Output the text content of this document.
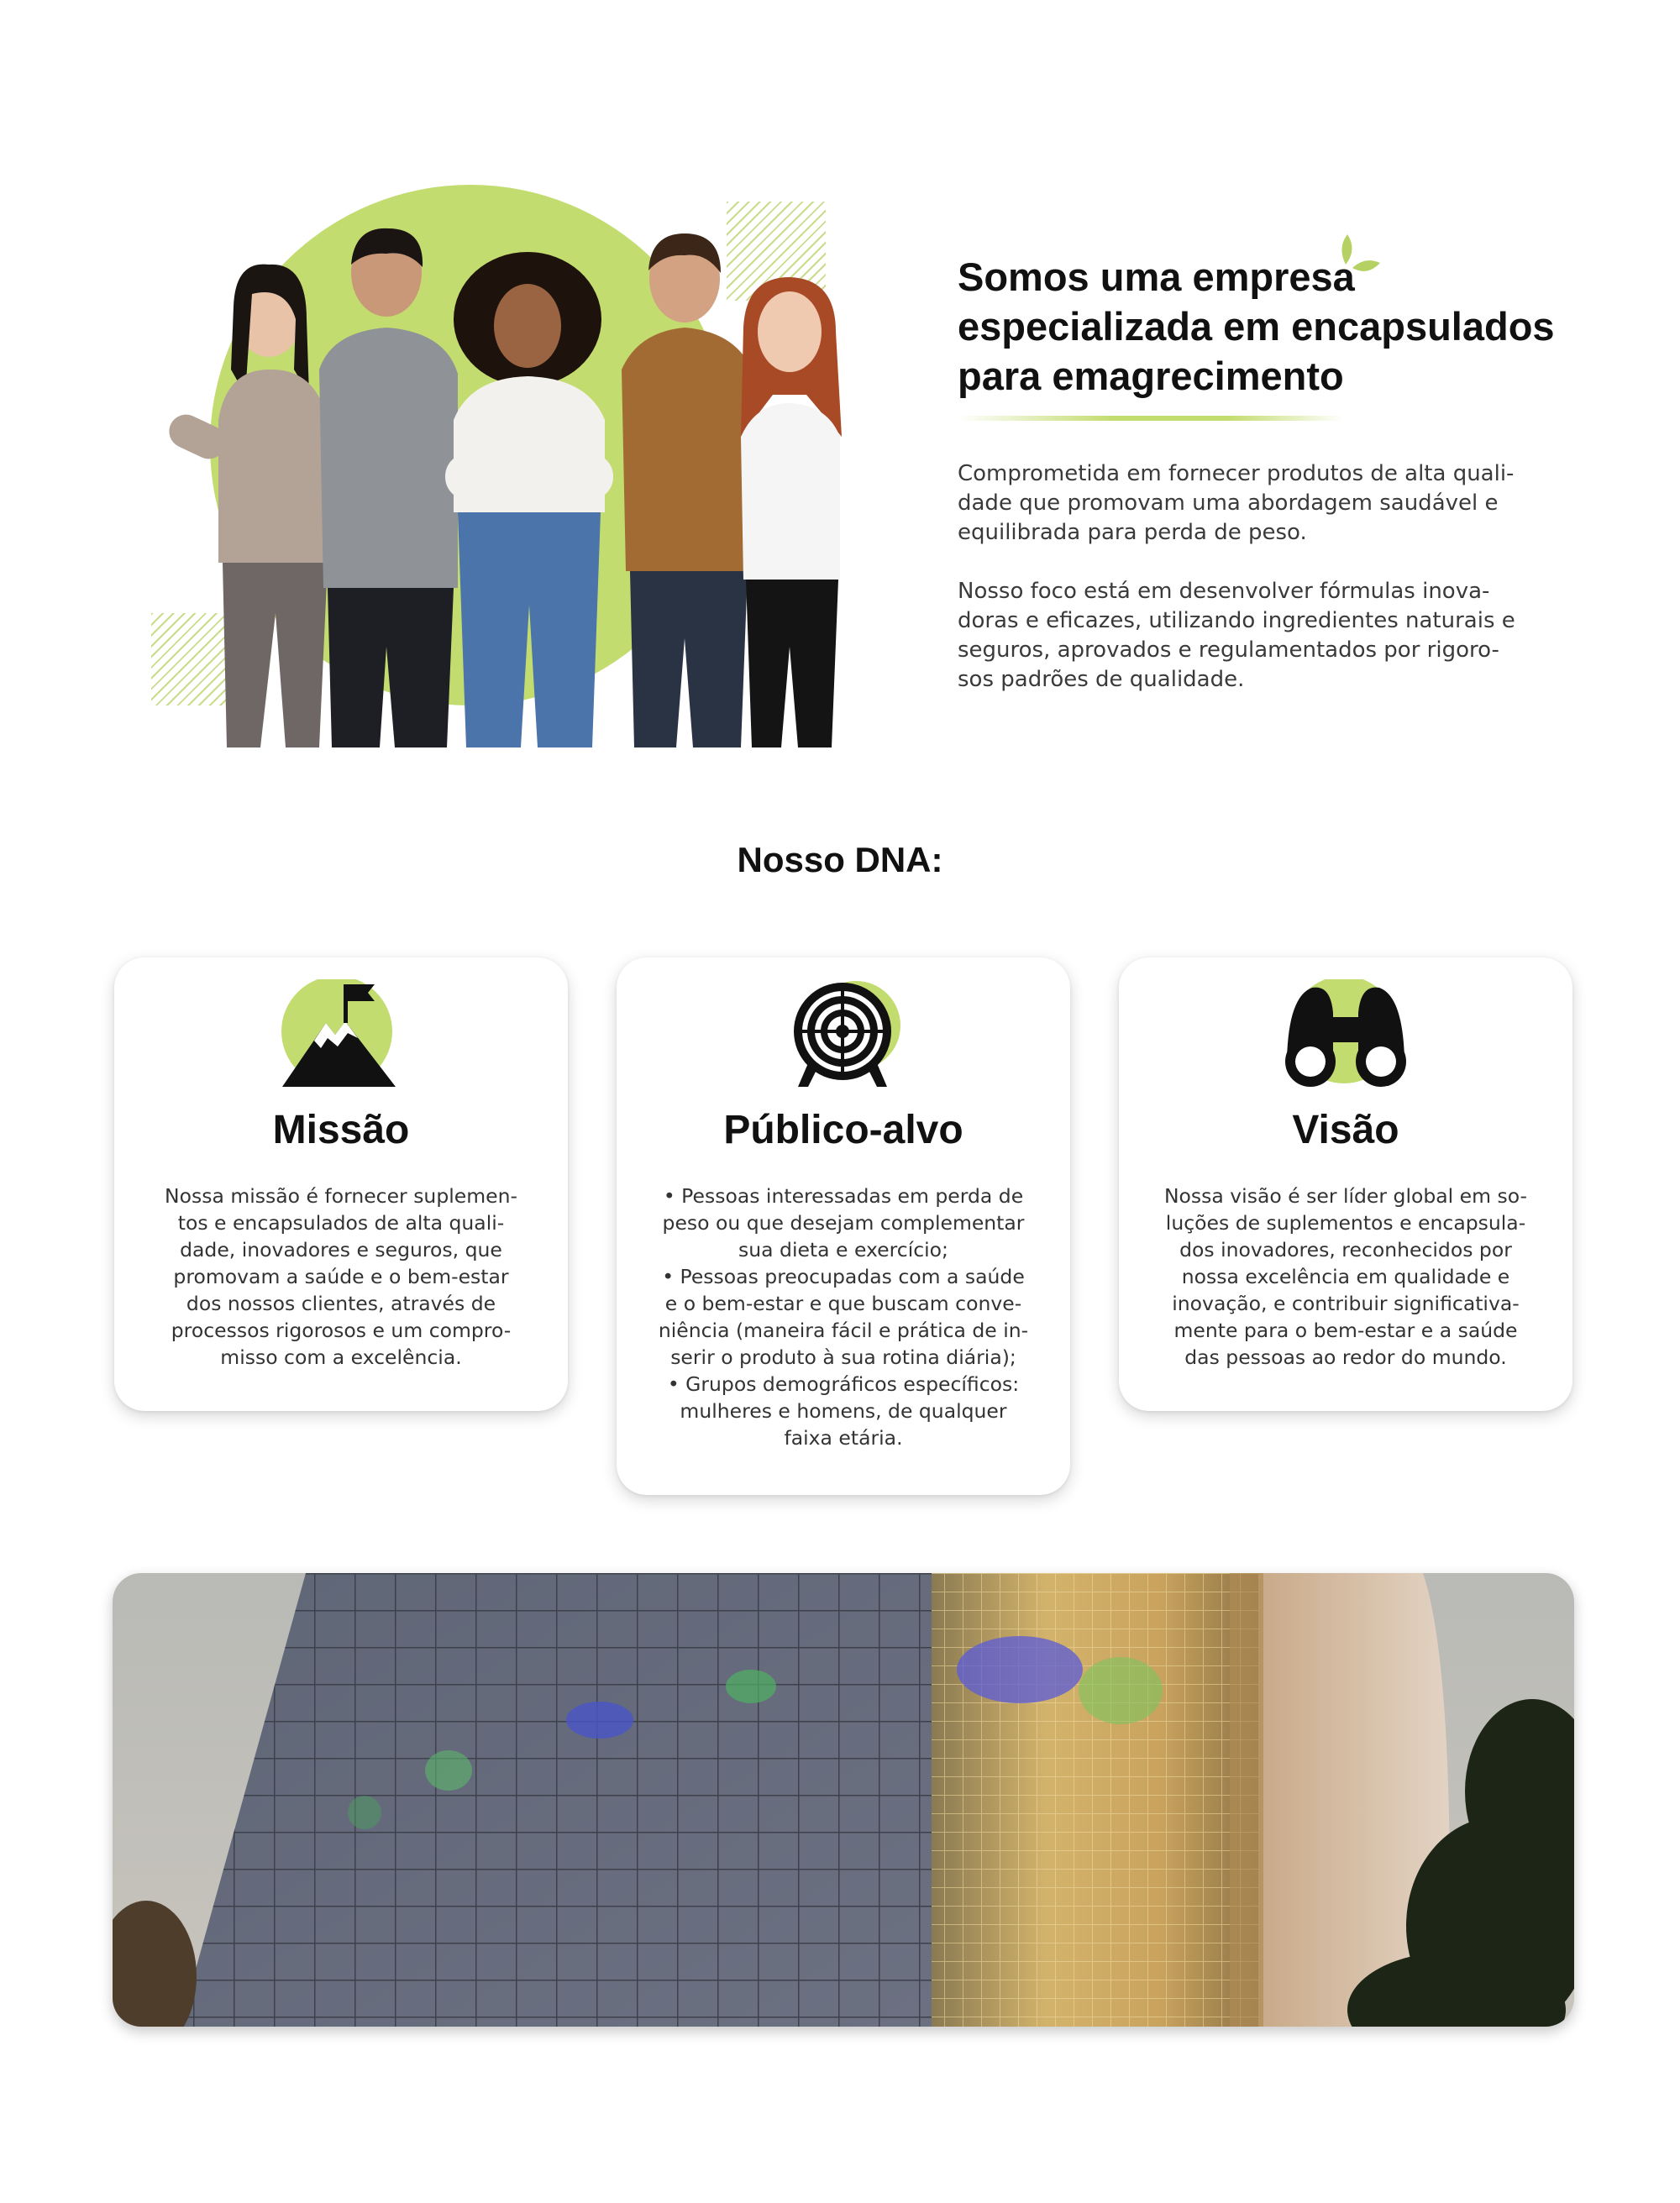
Somos uma empresa
especializada em encapsulados
para emagrecimento

Comprometida em fornecer produtos de alta quali-
dade que promovam uma abordagem saudável e
equilibrada para perda de peso.

Nosso foco está em desenvolver fórmulas inova-
doras e eficazes, utilizando ingredientes naturais e
seguros, aprovados e regulamentados por rigoro-
sos padrões de qualidade.

Nosso DNA:
Missão

Nossa missão é fornecer suplemen-
tos e encapsulados de alta quali-
dade, inovadores e seguros, que
promovam a saúde e o bem-estar
dos nossos clientes, através de
processos rigorosos e um compro-
misso com a excelência.

Público-alvo

• Pessoas interessadas em perda de
peso ou que desejam complementar
sua dieta e exercício;
• Pessoas preocupadas com a saúde
e o bem-estar e que buscam conve-
niência (maneira fácil e prática de in-
serir o produto à sua rotina diária);
• Grupos demográficos específicos:
mulheres e homens, de qualquer
faixa etária.

Visão

Nossa visão é ser líder global em so-
luções de suplementos e encapsula-
dos inovadores, reconhecidos por
nossa excelência em qualidade e
inovação, e contribuir significativa-
mente para o bem-estar e a saúde
das pessoas ao redor do mundo.
